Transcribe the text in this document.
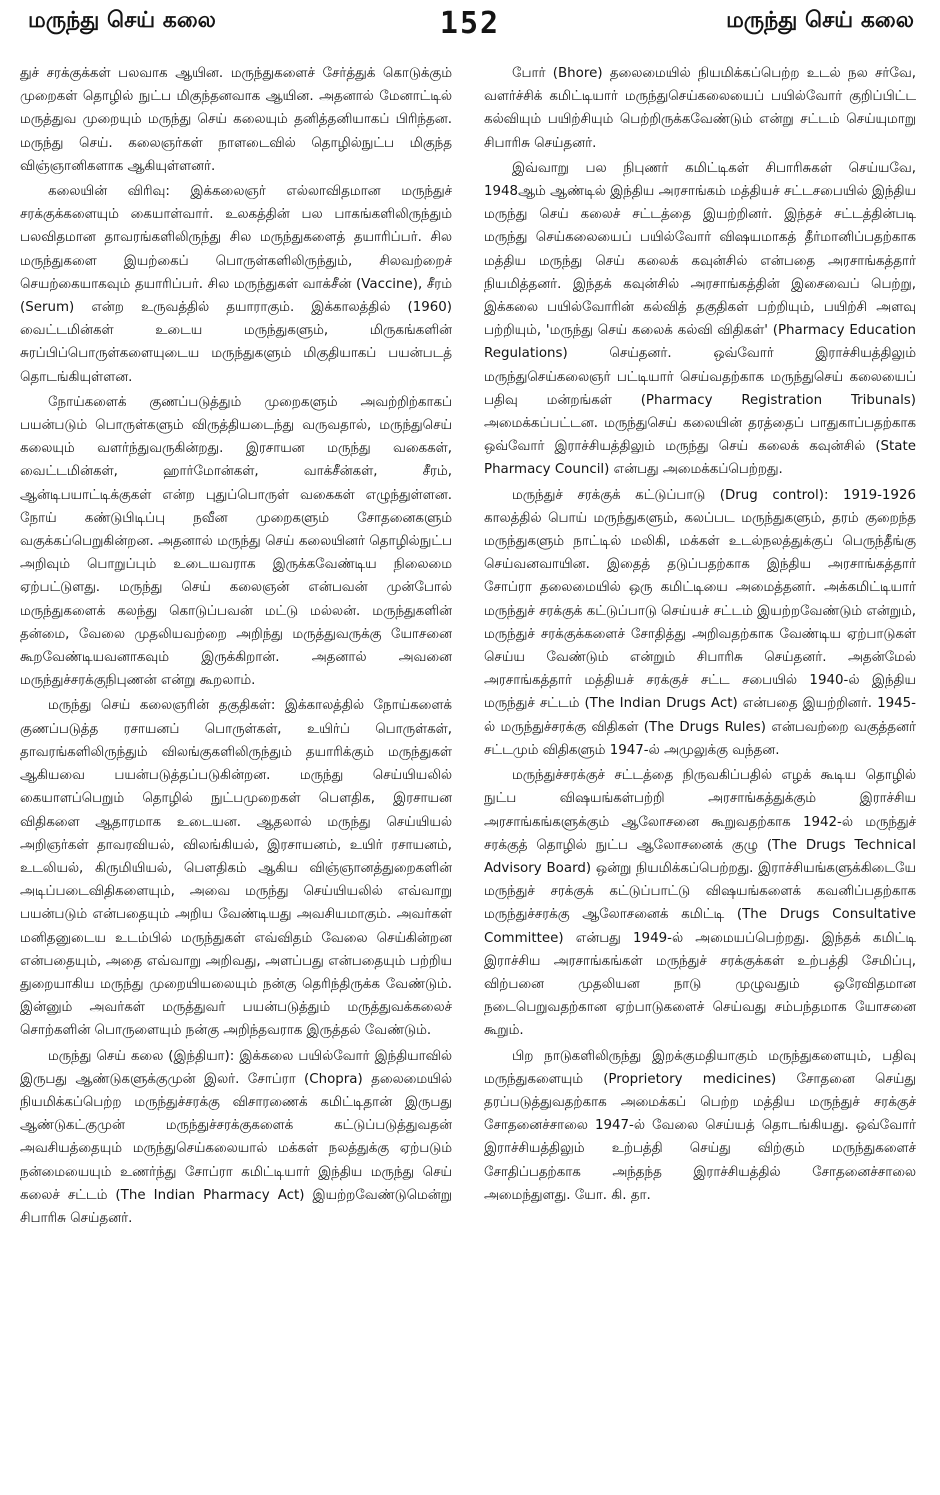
மருந்து செய் கலை	152	மருந்து செய் கலை

துச் சரக்குக்கள் பலவாக ஆயின. மருந்துகளைச் சேர்த்துக் கொடுக்கும் முறைகள் தொழில் நுட்ப மிகுந்தனவாக ஆயின. அதனால் மேனாட்டில் மருத்துவ முறையும் மருந்து செய் கலையும் தனித்தனியாகப் பிரிந்தன. மருந்து செய். கலைஞர்கள் நாளடைவில் தொழில்நுட்ப மிகுந்த விஞ்ஞானிகளாக ஆகியுள்ளனர்.

கலையின் விரிவு: இக்கலைஞர் எல்லாவிதமான மருந்துச் சரக்குக்களையும் கையாள்வார். உலகத்தின் பல பாகங்களிலிருந்தும் பலவிதமான தாவரங்களிலிருந்து சில மருந்துகளைத் தயாரிப்பர். சில மருந்துகளை இயற்கைப் பொருள்களிலிருந்தும், சிலவற்றைச் செயற்கையாகவும் தயாரிப்பர். சில மருந்துகள் வாக்சீன் (Vaccine), சீரம் (Serum) என்ற உருவத்தில் தயாராகும். இக்காலத்தில் (1960) வைட்டமின்கள் உடைய மருந்துகளும், மிருகங்களின் சுரப்பிப்பொருள்களையுடைய மருந்துகளும் மிகுதியாகப் பயன்படத் தொடங்கியுள்ளன.

நோய்களைக் குணப்படுத்தும் முறைகளும் அவற்றிற்காகப் பயன்படும் பொருள்களும் விருத்தியடைந்து வருவதால், மருந்துசெய் கலையும் வளர்ந்துவருகின்றது. இரசாயன மருந்து வகைகள், வைட்டமின்கள், ஹார்மோன்கள், வாக்சீன்கள், சீரம், ஆன்டிபயாட்டிக்குகள் என்ற புதுப்பொருள் வகைகள் எழுந்துள்ளன. நோய் கண்டுபிடிப்பு நவீன முறைகளும் சோதனைகளும் வகுக்கப்பெறுகின்றன. அதனால் மருந்து செய் கலையினர் தொழில்நுட்ப அறிவும் பொறுப்பும் உடையவராக இருக்கவேண்டிய நிலைமை ஏற்பட்டுளது. மருந்து செய் கலைஞன் என்பவன் முன்போல் மருந்துகளைக் கலந்து கொடுப்பவன் மட்டு மல்லன். மருந்துகளின் தன்மை, வேலை முதலியவற்றை அறிந்து மருத்துவருக்கு யோசனை கூறவேண்டியவனாகவும் இருக்கிறான். அதனால் அவனை மருந்துச்சரக்குநிபுணன் என்று கூறலாம்.

மருந்து செய் கலைஞரின் தகுதிகள்: இக்காலத்தில் நோய்களைக் குணப்படுத்த ரசாயனப் பொருள்கள், உயிர்ப் பொருள்கள், தாவரங்களிலிருந்தும் விலங்குகளிலிருந்தும் தயாரிக்கும் மருந்துகள் ஆகியவை பயன்படுத்தப்படுகின்றன. மருந்து செய்யியலில் கையாளப்பெறும் தொழில் நுட்பமுறைகள் பௌதிக, இரசாயன விதிகளை ஆதாரமாக உடையன. ஆதலால் மருந்து செய்யியல் அறிஞர்கள் தாவரவியல், விலங்கியல், இரசாயனம், உயிர் ரசாயனம், உடலியல், கிருமியியல், பௌதிகம் ஆகிய விஞ்ஞானத்துறைகளின் அடிப்படைவிதிகளையும், அவை மருந்து செய்யியலில் எவ்வாறு பயன்படும் என்பதையும் அறிய வேண்டியது அவசியமாகும். அவர்கள் மனிதனுடைய உடம்பில் மருந்துகள் எவ்விதம் வேலை செய்கின்றன என்பதையும், அதை எவ்வாறு அறிவது, அளப்பது என்பதையும் பற்றிய துறையாகிய மருந்து முறையியலையும் நன்கு தெரிந்திருக்க வேண்டும். இன்னும் அவர்கள் மருத்துவர் பயன்படுத்தும் மருத்துவக்கலைச் சொற்களின் பொருளையும் நன்கு அறிந்தவராக இருத்தல் வேண்டும்.

மருந்து செய் கலை (இந்தியா): இக்கலை பயில்வோர் இந்தியாவில் இருபது ஆண்டுகளுக்குமுன் இலர். சோப்ரா (Chopra) தலைமையில் நியமிக்கப்பெற்ற மருந்துச்சரக்கு விசாரணைக் கமிட்டிதான் இருபது ஆண்டுகட்குமுன் மருந்துச்சரக்குகளைக் கட்டுப்படுத்துவதன் அவசியத்தையும் மருந்துசெய்கலையால் மக்கள் நலத்துக்கு ஏற்படும் நன்மையையும் உணர்ந்து சோப்ரா கமிட்டியார் இந்திய மருந்து செய் கலைச் சட்டம் (The Indian Pharmacy Act) இயற்றவேண்டுமென்று சிபாரிசு செய்தனர்.

போர் (Bhore) தலைமையில் நியமிக்கப்பெற்ற உடல் நல சர்வே, வளர்ச்சிக் கமிட்டியார் மருந்துசெய்கலையைப் பயில்வோர் குறிப்பிட்ட கல்வியும் பயிற்சியும் பெற்றிருக்கவேண்டும் என்று சட்டம் செய்யுமாறு சிபாரிசு செய்தனர்.

இவ்வாறு பல நிபுணர் கமிட்டிகள் சிபாரிசுகள் செய்யவே, 1948ஆம் ஆண்டில் இந்திய அரசாங்கம் மத்தியச் சட்டசபையில் இந்திய மருந்து செய் கலைச் சட்டத்தை இயற்றினர். இந்தச் சட்டத்தின்படி மருந்து செய்கலையைப் பயில்வோர் விஷயமாகத் தீர்மானிப்பதற்காக மத்திய மருந்து செய் கலைக் கவுன்சில் என்பதை அரசாங்கத்தார் நியமித்தனர். இந்தக் கவுன்சில் அரசாங்கத்தின் இசைவைப் பெற்று, இக்கலை பயில்வோரின் கல்வித் தகுதிகள் பற்றியும், பயிற்சி அளவு பற்றியும், 'மருந்து செய் கலைக் கல்வி விதிகள்' (Pharmacy Education Regulations) செய்தனர். ஒவ்வோர் இராச்சியத்திலும் மருந்துசெய்கலைஞர் பட்டியார் செய்வதற்காக மருந்துசெய் கலையைப் பதிவு மன்றங்கள் (Pharmacy Registration Tribunals) அமைக்கப்பட்டன. மருந்துசெய் கலையின் தரத்தைப் பாதுகாப்பதற்காக ஒவ்வோர் இராச்சியத்திலும் மருந்து செய் கலைக் கவுன்சில் (State Pharmacy Council) என்பது அமைக்கப்பெற்றது.

மருந்துச் சரக்குக் கட்டுப்பாடு (Drug control): 1919-1926 காலத்தில் பொய் மருந்துகளும், கலப்பட மருந்துகளும், தரம் குறைந்த மருந்துகளும் நாட்டில் மலிகி, மக்கள் உடல்நலத்துக்குப் பெருந்தீங்கு செய்வனவாயின. இதைத் தடுப்பதற்காக இந்திய அரசாங்கத்தார் சோப்ரா தலைமையில் ஒரு கமிட்டியை அமைத்தனர். அக்கமிட்டியார் மருந்துச் சரக்குக் கட்டுப்பாடு செய்யச் சட்டம் இயற்றவேண்டும் என்றும், மருந்துச் சரக்குக்களைச் சோதித்து அறிவதற்காக வேண்டிய ஏற்பாடுகள் செய்ய வேண்டும் என்றும் சிபாரிசு செய்தனர். அதன்மேல் அரசாங்கத்தார் மத்தியச் சரக்குச் சட்ட சபையில் 1940-ல் இந்திய மருந்துச் சட்டம் (The Indian Drugs Act) என்பதை இயற்றினர். 1945-ல் மருந்துச்சரக்கு விதிகள் (The Drugs Rules) என்பவற்றை வகுத்தனர் சட்டமும் விதிகளும் 1947-ல் அமுலுக்கு வந்தன.

மருந்துச்சரக்குச் சட்டத்தை நிருவகிப்பதில் எழக் கூடிய தொழில் நுட்ப விஷயங்கள்பற்றி அரசாங்கத்துக்கும் இராச்சிய அரசாங்கங்களுக்கும் ஆலோசனை கூறுவதற்காக 1942-ல் மருந்துச் சரக்குத் தொழில் நுட்ப ஆலோசனைக் குழு (The Drugs Technical Advisory Board) ஒன்று நியமிக்கப்பெற்றது. இராச்சியங்களுக்கிடையே மருந்துச் சரக்குக் கட்டுப்பாட்டு விஷயங்களைக் கவனிப்பதற்காக மருந்துச்சரக்கு ஆலோசனைக் கமிட்டி (The Drugs Consultative Committee) என்பது 1949-ல் அமையப்பெற்றது. இந்தக் கமிட்டி இராச்சிய அரசாங்கங்கள் மருந்துச் சரக்குக்கள் உற்பத்தி சேமிப்பு, விற்பனை முதலியன நாடு முழுவதும் ஒரேவிதமான நடைபெறுவதற்கான ஏற்பாடுகளைச் செய்வது சம்பந்தமாக யோசனை கூறும்.

பிற நாடுகளிலிருந்து இறக்குமதியாகும் மருந்துகளையும், பதிவு மருந்துகளையும் (Proprietory medicines) சோதனை செய்து தரப்படுத்துவதற்காக அமைக்கப் பெற்ற மத்திய மருந்துச் சரக்குச் சோதனைச்சாலை 1947-ல் வேலை செய்யத் தொடங்கியது. ஒவ்வோர் இராச்சியத்திலும் உற்பத்தி செய்து விற்கும் மருந்துகளைச் சோதிப்பதற்காக அந்தந்த இராச்சியத்தில் சோதனைச்சாலை அமைந்துளது. யோ. கி. தா.
